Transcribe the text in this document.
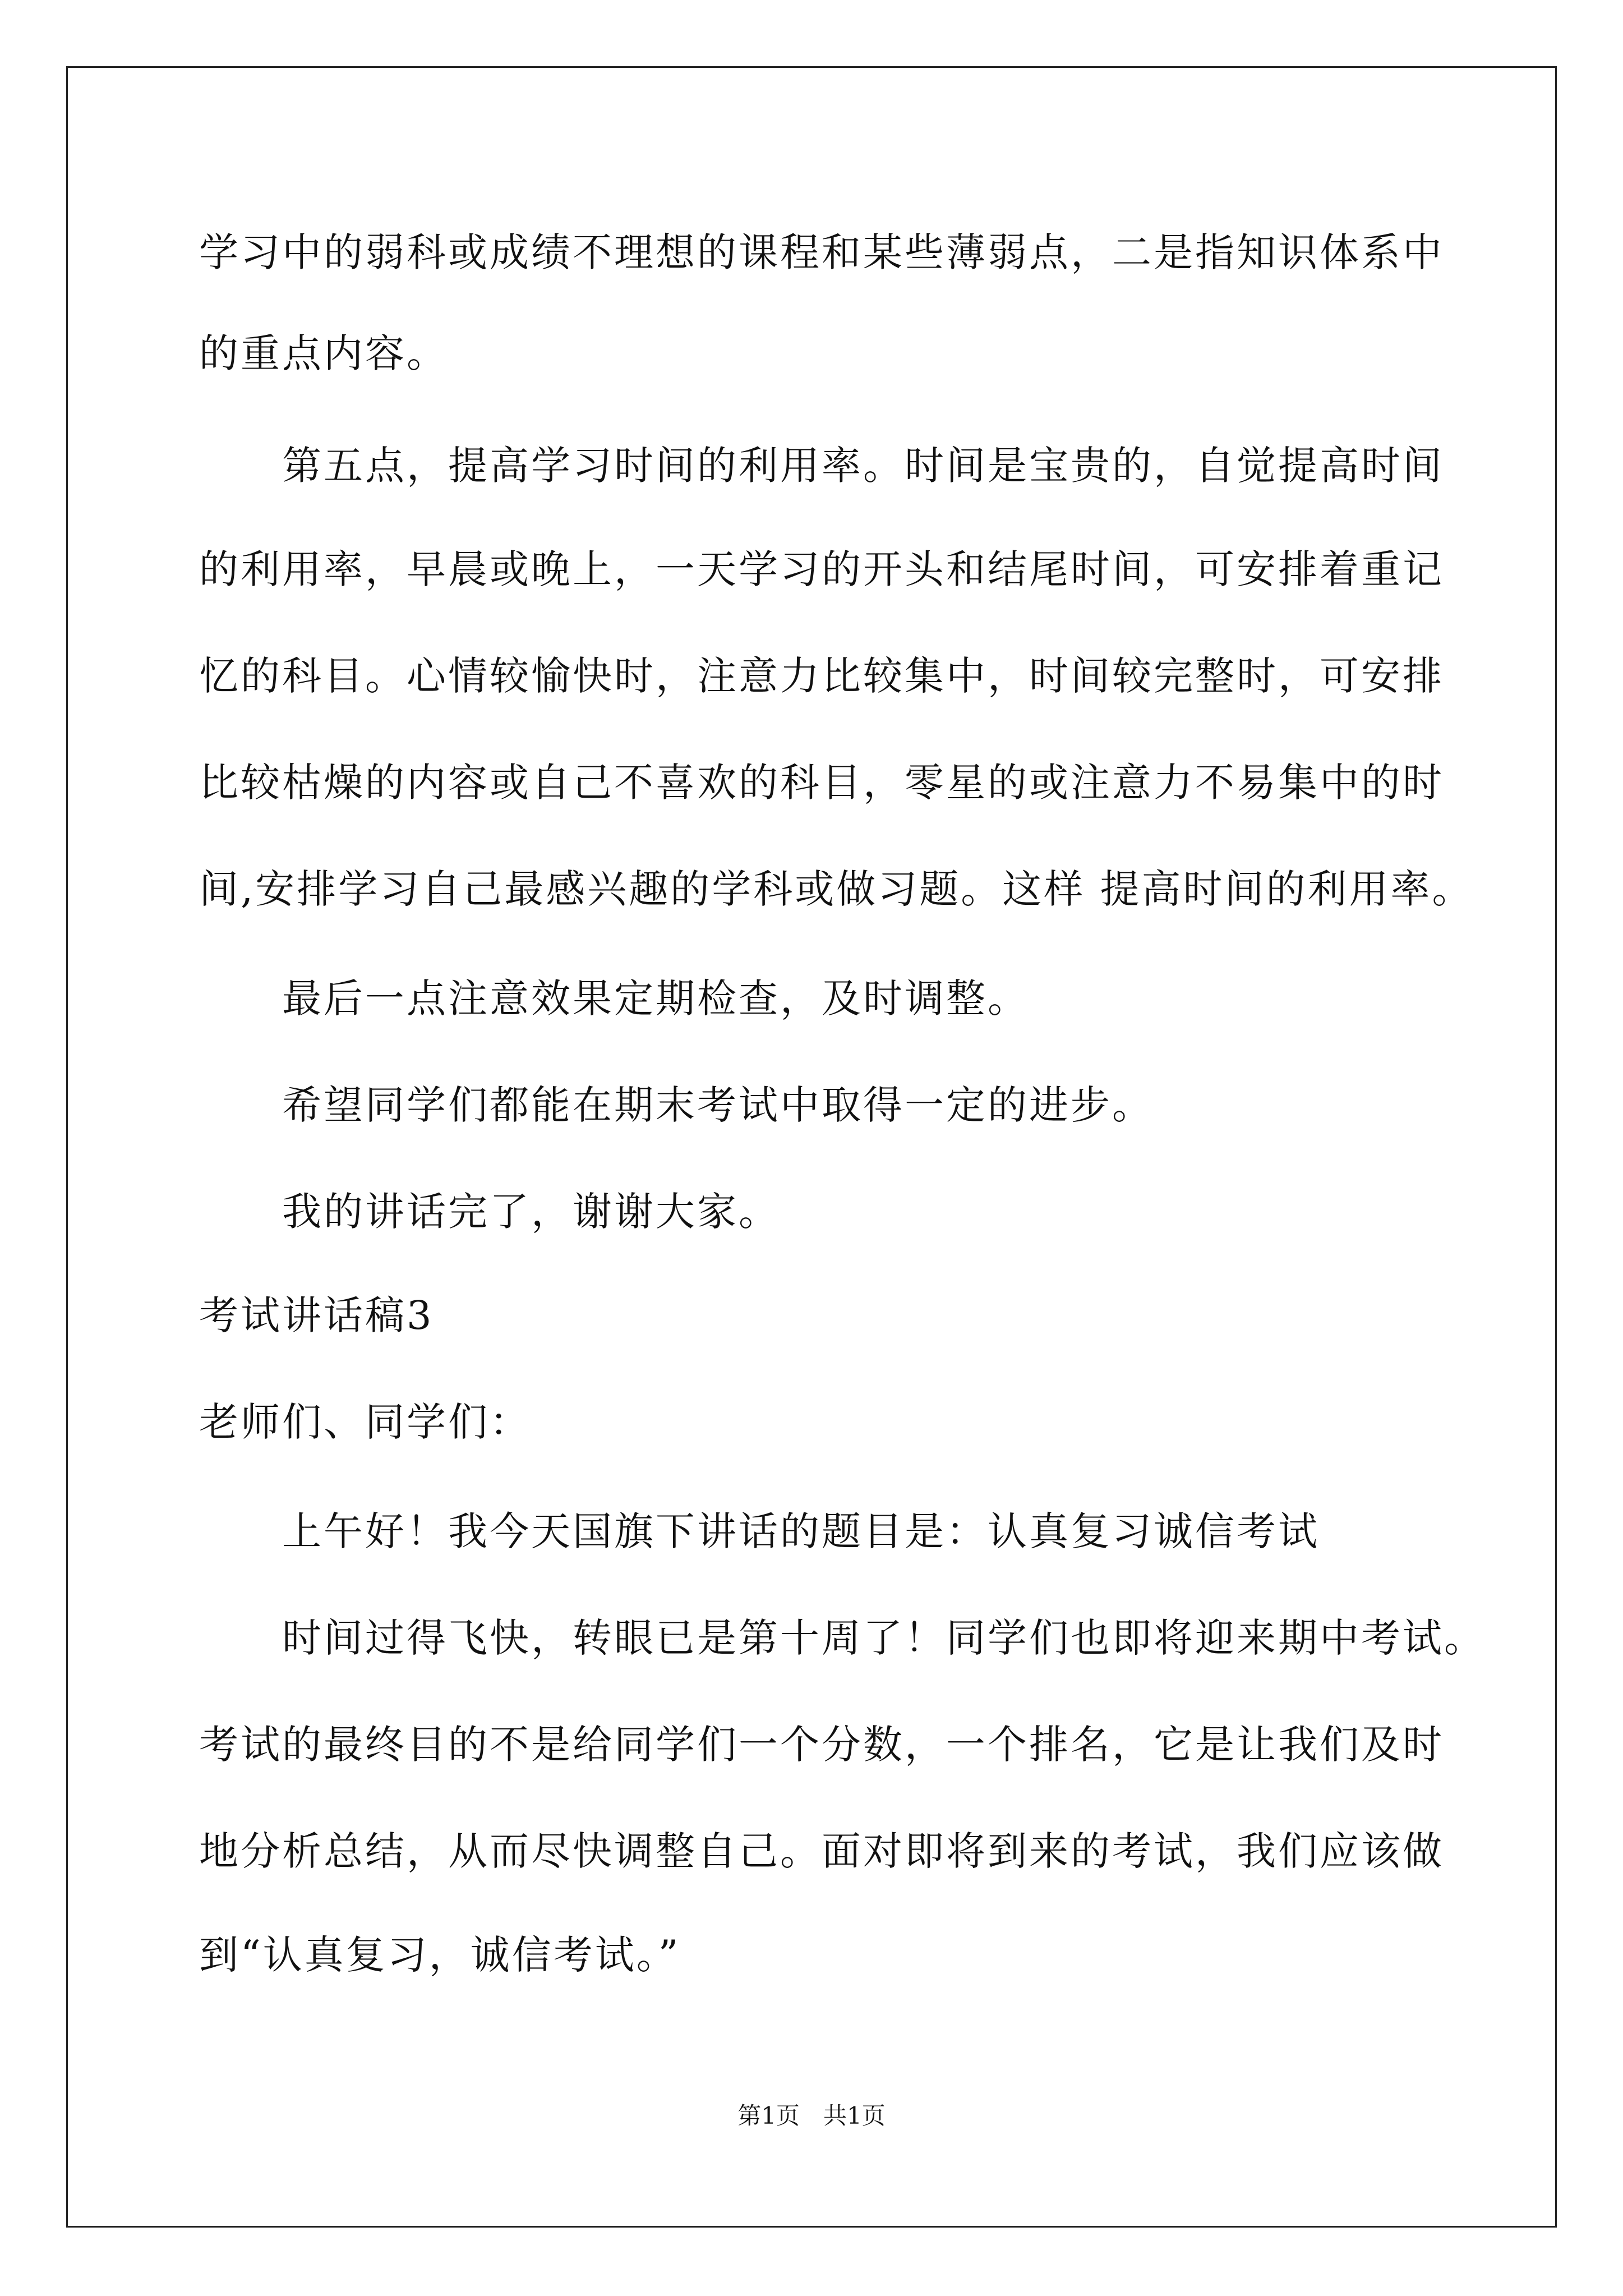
学习中的弱科或成绩不理想的课程和某些薄弱点，二是指知识体系中
的重点内容。
第五点，提高学习时间的利用率。时间是宝贵的，自觉提高时间
的利用率，早晨或晚上，一天学习的开头和结尾时间，可安排着重记
忆的科目。心情较愉快时，注意力比较集中，时间较完整时，可安排
比较枯燥的内容或自己不喜欢的科目，零星的或注意力不易集中的时
间,安排学习自己最感兴趣的学科或做习题。这样 提高时间的利用率。
最后一点注意效果定期检查，及时调整。
希望同学们都能在期末考试中取得一定的进步。
我的讲话完了，谢谢大家。
考试讲话稿3
老师们、同学们：
上午好！我今天国旗下讲话的题目是：认真复习诚信考试
时间过得飞快，转眼已是第十周了！同学们也即将迎来期中考试。
考试的最终目的不是给同学们一个分数，一个排名，它是让我们及时
地分析总结，从而尽快调整自己。面对即将到来的考试，我们应该做
到“认真复习，诚信考试。”
第1页　共1页
